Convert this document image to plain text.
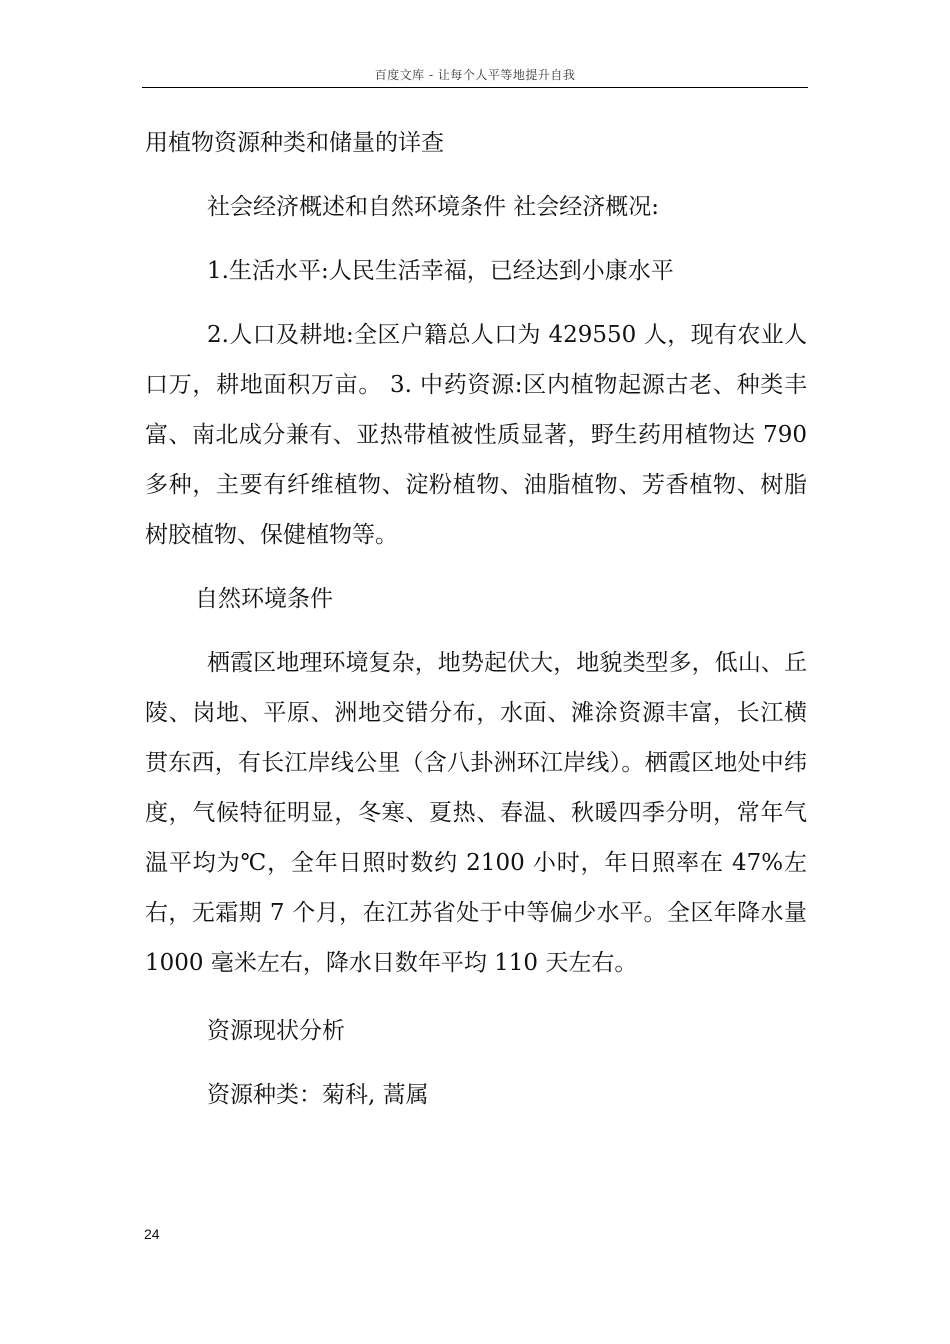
百度文库 - 让每个人平等地提升自我

用植物资源种类和储量的详查

社会经济概述和自然环境条件 社会经济概况:

1.生活水平:人民生活幸福，已经达到小康水平

2.人口及耕地:全区户籍总人口为 429550 人，现有农业人口万，耕地面积万亩。 3. 中药资源:区内植物起源古老、种类丰富、南北成分兼有、亚热带植被性质显著，野生药用植物达 790 多种，主要有纤维植物、淀粉植物、油脂植物、芳香植物、树脂树胶植物、保健植物等。

自然环境条件

栖霞区地理环境复杂，地势起伏大，地貌类型多，低山、丘陵、岗地、平原、洲地交错分布，水面、滩涂资源丰富，长江横贯东西，有长江岸线公里（含八卦洲环江岸线）。栖霞区地处中纬度，气候特征明显，冬寒、夏热、春温、秋暖四季分明，常年气温平均为℃，全年日照时数约 2100 小时，年日照率在 47%左右，无霜期 7 个月，在江苏省处于中等偏少水平。全区年降水量 1000 毫米左右，降水日数年平均 110 天左右。

资源现状分析

资源种类：菊科, 蒿属

24
